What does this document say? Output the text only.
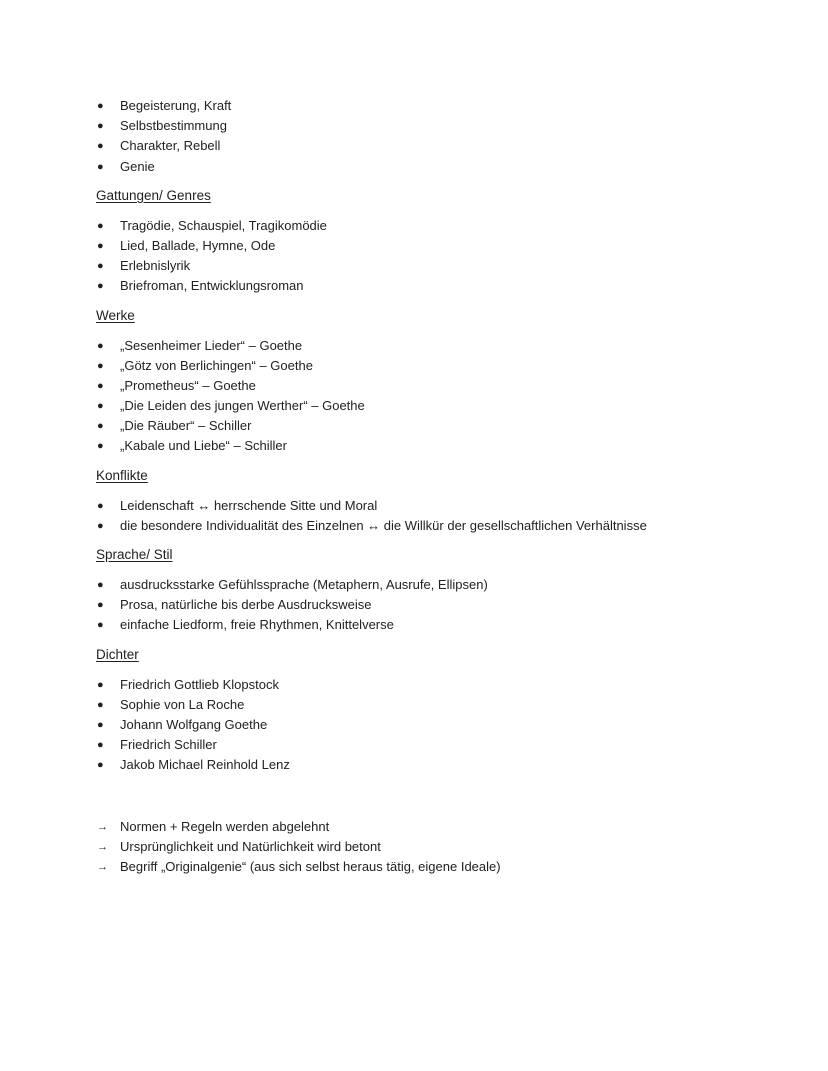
● Begeisterung, Kraft
● Selbstbestimmung
● Charakter, Rebell
● Genie
Gattungen/ Genres
● Tragödie, Schauspiel, Tragikomödie
● Lied, Ballade, Hymne, Ode
● Erlebnislyrik
● Briefroman, Entwicklungsroman
Werke
● „Sesenheimer Lieder“ – Goethe
● „Götz von Berlichingen“ – Goethe
● „Prometheus“ – Goethe
● „Die Leiden des jungen Werther“ – Goethe
● „Die Räuber“ – Schiller
● „Kabale und Liebe“ – Schiller
Konflikte
● Leidenschaft ↔ herrschende Sitte und Moral
● die besondere Individualität des Einzelnen ↔ die Willkür der gesellschaftlichen Verhältnisse
Sprache/ Stil
● ausdrucksstarke Gefühlssprache (Metaphern, Ausrufe, Ellipsen)
● Prosa, natürliche bis derbe Ausdrucksweise
● einfache Liedform, freie Rhythmen, Knittelverse
Dichter
● Friedrich Gottlieb Klopstock
● Sophie von La Roche
● Johann Wolfgang Goethe
● Friedrich Schiller
● Jakob Michael Reinhold Lenz
→ Normen + Regeln werden abgelehnt
→ Ursprünglichkeit und Natürlichkeit wird betont
→ Begriff „Originalgenie“ (aus sich selbst heraus tätig, eigene Ideale)
